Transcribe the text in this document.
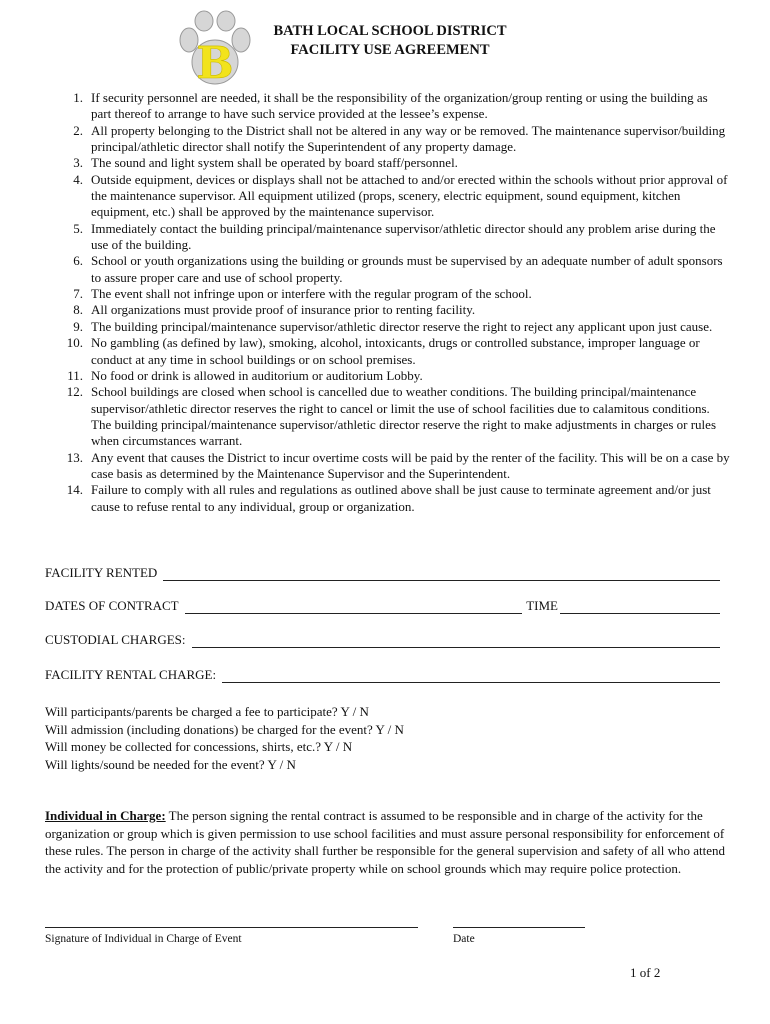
B
BATH LOCAL SCHOOL DISTRICT
FACILITY USE AGREEMENT
1. If security personnel are needed, it shall be the responsibility of the organization/group renting or using the building as part thereof to arrange to have such service provided at the lessee’s expense.
2. All property belonging to the District shall not be altered in any way or be removed. The maintenance supervisor/building principal/athletic director shall notify the Superintendent of any property damage.
3. The sound and light system shall be operated by board staff/personnel.
4. Outside equipment, devices or displays shall not be attached to and/or erected within the schools without prior approval of the maintenance supervisor. All equipment utilized (props, scenery, electric equipment, sound equipment, kitchen equipment, etc.) shall be approved by the maintenance supervisor.
5. Immediately contact the building principal/maintenance supervisor/athletic director should any problem arise during the use of the building.
6. School or youth organizations using the building or grounds must be supervised by an adequate number of adult sponsors to assure proper care and use of school property.
7. The event shall not infringe upon or interfere with the regular program of the school.
8. All organizations must provide proof of insurance prior to renting facility.
9. The building principal/maintenance supervisor/athletic director reserve the right to reject any applicant upon just cause.
10. No gambling (as defined by law), smoking, alcohol, intoxicants, drugs or controlled substance, improper language or conduct at any time in school buildings or on school premises.
11. No food or drink is allowed in auditorium or auditorium Lobby.
12. School buildings are closed when school is cancelled due to weather conditions. The building principal/maintenance supervisor/athletic director reserves the right to cancel or limit the use of school facilities due to calamitous conditions. The building principal/maintenance supervisor/athletic director reserve the right to make adjustments in charges or rules when circumstances warrant.
13. Any event that causes the District to incur overtime costs will be paid by the renter of the facility. This will be on a case by case basis as determined by the Maintenance Supervisor and the Superintendent.
14. Failure to comply with all rules and regulations as outlined above shall be just cause to terminate agreement and/or just cause to refuse rental to any individual, group or organization.
FACILITY RENTED
DATES OF CONTRACT	TIME
CUSTODIAL CHARGES:
FACILITY RENTAL CHARGE:
Will participants/parents be charged a fee to participate? Y / N
Will admission (including donations) be charged for the event? Y / N
Will money be collected for concessions, shirts, etc.? Y / N
Will lights/sound be needed for the event? Y / N

Individual in Charge: The person signing the rental contract is assumed to be responsible and in charge of the activity for the organization or group which is given permission to use school facilities and must assure personal responsibility for enforcement of these rules. The person in charge of the activity shall further be responsible for the general supervision and safety of all who attend the activity and for the protection of public/private property while on school grounds which may require police protection.

Signature of Individual in Charge of Event	Date
1 of 2
